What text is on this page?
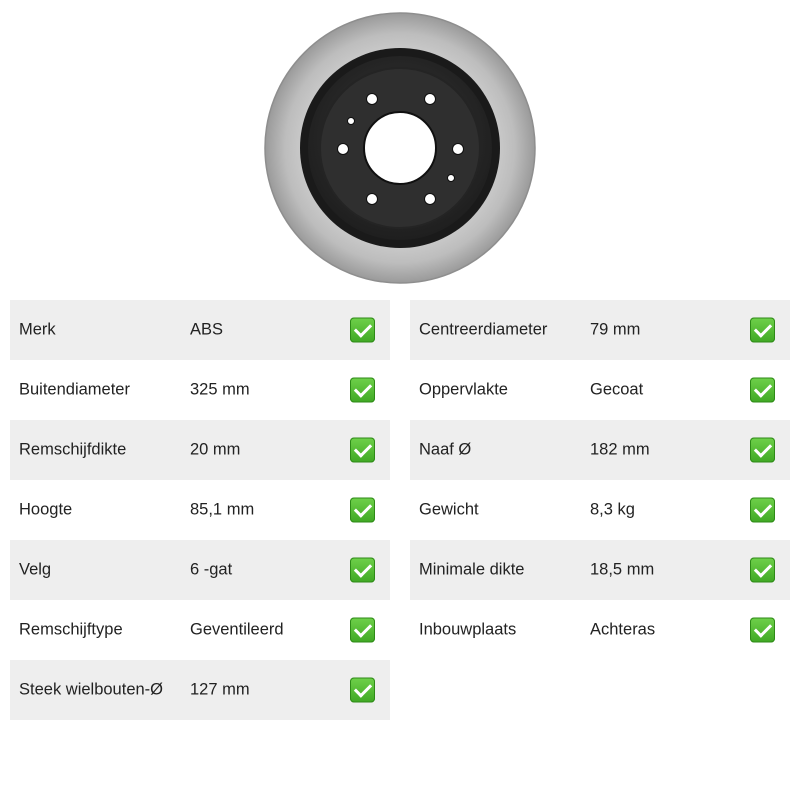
Merk	ABS
Buitendiameter	325 mm
Remschijfdikte	20 mm
Hoogte	85,1 mm
Velg	6 -gat
Remschijftype	Geventileerd
Steek wielbouten-Ø 127 mm
Centreerdiameter	79 mm
Oppervlakte	Gecoat
Naaf Ø	182 mm
Gewicht	8,3 kg
Minimale dikte	18,5 mm
Inbouwplaats	Achteras
